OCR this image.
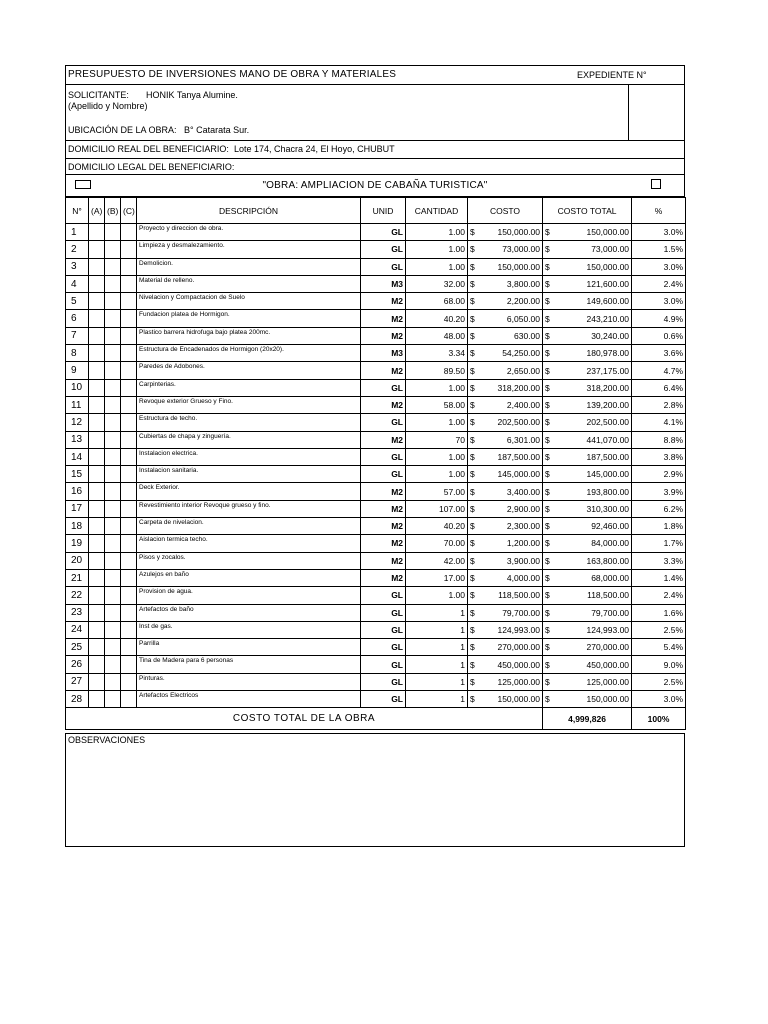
PRESUPUESTO DE INVERSIONES MANO DE OBRA Y MATERIALES	EXPEDIENTE N°
SOLICITANTE: HONIK Tanya Alumine.
(Apellido y Nombre)
UBICACIÓN DE LA OBRA: B° Catarata Sur.
DOMICILIO REAL DEL BENEFICIARIO: Lote 174, Chacra 24, El Hoyo, CHUBUT
DOMICILIO LEGAL DEL BENEFICIARIO:
"OBRA: AMPLIACION DE CABAÑA TURISTICA"
N°	(A)	(B)	(C)	DESCRIPCIÓN	UNID	CANTIDAD	COSTO		COSTO TOTAL		%
1				Proyecto y direccion de obra.	GL	1.00	$	150,000.00	$	150,000.00	3.0%
2				Limpieza y desmalezamiento.	GL	1.00	$	73,000.00	$	73,000.00	1.5%
3				Demolicion.	GL	1.00	$	150,000.00	$	150,000.00	3.0%
4				Material de relleno.	M3	32.00	$	3,800.00	$	121,600.00	2.4%
5				Nivelacion y Compactacion de Suelo	M2	68.00	$	2,200.00	$	149,600.00	3.0%
6				Fundacion platea de Hormigon.	M2	40.20	$	6,050.00	$	243,210.00	4.9%
7				Plastico barrera hidrofuga bajo platea 200mc.	M2	48.00	$	630.00	$	30,240.00	0.6%
8				Estructura de Encadenados de Hormigon (20x20).	M3	3.34	$	54,250.00	$	180,978.00	3.6%
9				Paredes de Adobones.	M2	89.50	$	2,650.00	$	237,175.00	4.7%
10				Carpinterias.	GL	1.00	$	318,200.00	$	318,200.00	6.4%
11				Revoque exterior Grueso y Fino.	M2	58.00	$	2,400.00	$	139,200.00	2.8%
12				Estructura de techo.	GL	1.00	$	202,500.00	$	202,500.00	4.1%
13				Cubiertas de chapa y zinguería.	M2	70	$	6,301.00	$	441,070.00	8.8%
14				Instalacion electrica.	GL	1.00	$	187,500.00	$	187,500.00	3.8%
15				Instalacion sanitaria.	GL	1.00	$	145,000.00	$	145,000.00	2.9%
16				Deck Exterior.	M2	57.00	$	3,400.00	$	193,800.00	3.9%
17				Revestimiento interior Revoque grueso y fino.	M2	107.00	$	2,900.00	$	310,300.00	6.2%
18				Carpeta de nivelacion.	M2	40.20	$	2,300.00	$	92,460.00	1.8%
19				Aislacion termica techo.	M2	70.00	$	1,200.00	$	84,000.00	1.7%
20				Pisos y zocalos.	M2	42.00	$	3,900.00	$	163,800.00	3.3%
21				Azulejos en baño	M2	17.00	$	4,000.00	$	68,000.00	1.4%
22				Provision de agua.	GL	1.00	$	118,500.00	$	118,500.00	2.4%
23				Artefactos de baño	GL	1	$	79,700.00	$	79,700.00	1.6%
24				Inst de gas.	GL	1	$	124,993.00	$	124,993.00	2.5%
25				Parrilla	GL	1	$	270,000.00	$	270,000.00	5.4%
26				Tina de Madera para 6 personas	GL	1	$	450,000.00	$	450,000.00	9.0%
27				Pinturas.	GL	1	$	125,000.00	$	125,000.00	2.5%
28				Artefactos Electricos	GL	1	$	150,000.00	$	150,000.00	3.0%
COSTO TOTAL DE LA OBRA									4,999,826		100%
OBSERVACIONES
